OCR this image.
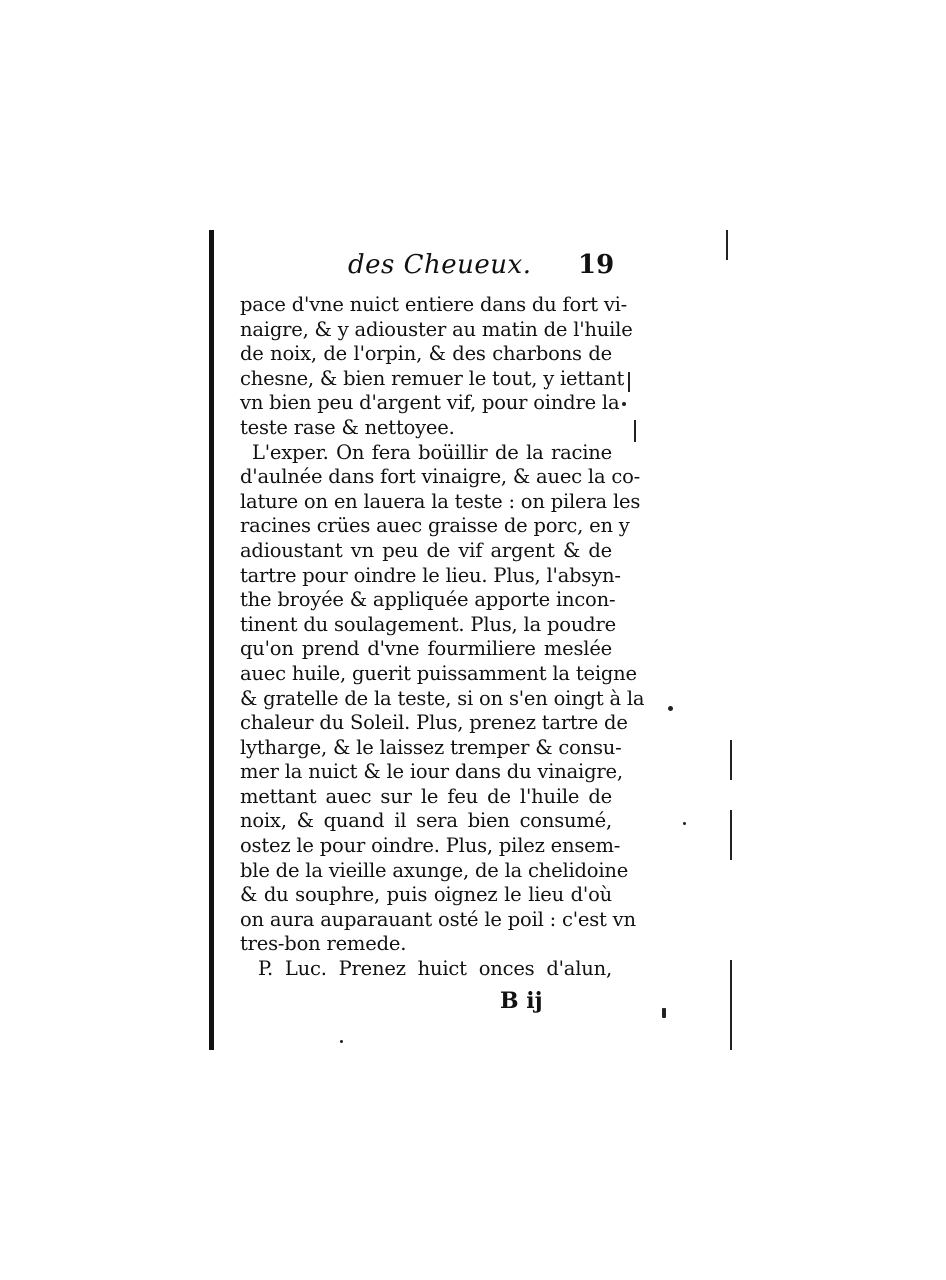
des Cheueux. 19
pace d'vne nuict entiere dans du fort vi-
naigre, & y adiouster au matin de l'huile
de noix, de l'orpin, & des charbons de
chesne, & bien remuer le tout, y iettant
vn bien peu d'argent vif, pour oindre la
teste rase & nettoyee.
L'exper. On fera boüillir de la racine
d'aulnée dans fort vinaigre, & auec la co-
lature on en lauera la teste : on pilera les
racines crües auec graisse de porc, en y
adioustant vn peu de vif argent & de
tartre pour oindre le lieu. Plus, l'absyn-
the broyée & appliquée apporte incon-
tinent du soulagement. Plus, la poudre
qu'on prend d'vne fourmiliere meslée
auec huile, guerit puissamment la teigne
& gratelle de la teste, si on s'en oingt à la
chaleur du Soleil. Plus, prenez tartre de
lytharge, & le laissez tremper & consu-
mer la nuict & le iour dans du vinaigre,
mettant auec sur le feu de l'huile de
noix, & quand il sera bien consumé,
ostez le pour oindre. Plus, pilez ensem-
ble de la vieille axunge, de la chelidoine
& du souphre, puis oignez le lieu d'où
on aura auparauant osté le poil : c'est vn
tres-bon remede.
P. Luc. Prenez huict onces d'alun,
B ij
